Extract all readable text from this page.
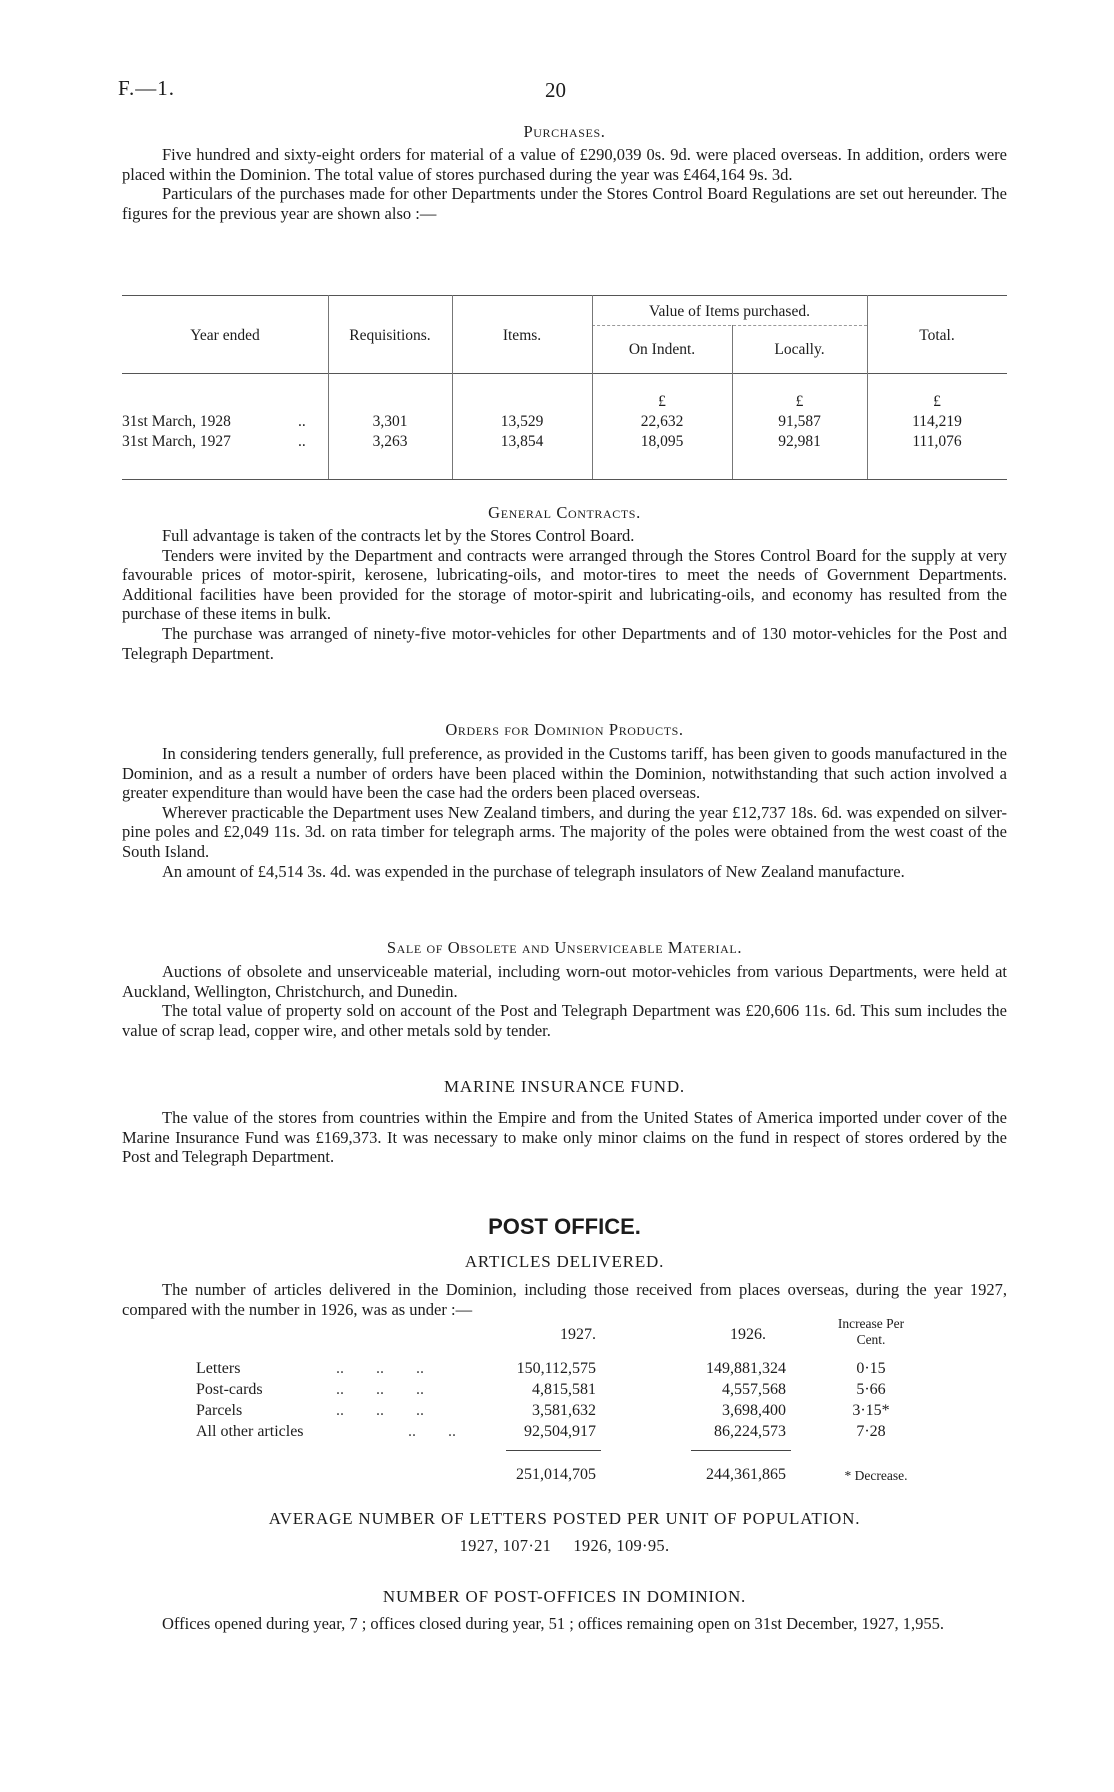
F.—1.	20
Purchases.

Five hundred and sixty-eight orders for material of a value of £290,039 0s. 9d. were placed overseas. In addition, orders were placed within the Dominion. The total value of stores purchased during the year was £464,164 9s. 3d.

Particulars of the purchases made for other Departments under the Stores Control Board Regulations are set out hereunder. The figures for the previous year are shown also :—

Year ended	Requisitions.	Items.
Value of Items purchased.
On Indent.	Locally.
Total.
£	£	£
31st March, 1928	..	3,301	13,529	22,632	91,587	114,219
31st March, 1927	..	3,263	13,854	18,095	92,981	111,076
General Contracts.

Full advantage is taken of the contracts let by the Stores Control Board.

Tenders were invited by the Department and contracts were arranged through the Stores Control Board for the supply at very favourable prices of motor-spirit, kerosene, lubricating-oils, and motor-tires to meet the needs of Government Departments. Additional facilities have been provided for the storage of motor-spirit and lubricating-oils, and economy has resulted from the purchase of these items in bulk.

The purchase was arranged of ninety-five motor-vehicles for other Departments and of 130 motor-vehicles for the Post and Telegraph Department.

Orders for Dominion Products.

In considering tenders generally, full preference, as provided in the Customs tariff, has been given to goods manufactured in the Dominion, and as a result a number of orders have been placed within the Dominion, notwithstanding that such action involved a greater expenditure than would have been the case had the orders been placed overseas.

Wherever practicable the Department uses New Zealand timbers, and during the year £12,737 18s. 6d. was expended on silver-pine poles and £2,049 11s. 3d. on rata timber for telegraph arms. The majority of the poles were obtained from the west coast of the South Island.

An amount of £4,514 3s. 4d. was expended in the purchase of telegraph insulators of New Zealand manufacture.

Sale of Obsolete and Unserviceable Material.

Auctions of obsolete and unserviceable material, including worn-out motor-vehicles from various Departments, were held at Auckland, Wellington, Christchurch, and Dunedin.

The total value of property sold on account of the Post and Telegraph Department was £20,606 11s. 6d. This sum includes the value of scrap lead, copper wire, and other metals sold by tender.

MARINE INSURANCE FUND.

The value of the stores from countries within the Empire and from the United States of America imported under cover of the Marine Insurance Fund was £169,373. It was necessary to make only minor claims on the fund in respect of stores ordered by the Post and Telegraph Department.

POST OFFICE.
ARTICLES DELIVERED.

The number of articles delivered in the Dominion, including those received from places overseas, during the year 1927, compared with the number in 1926, was as under :—

1927.	1926.
Increase Per Cent.
Letters	..        ..        ..	150,112,575	149,881,324	0·15
Post-cards	..        ..        ..	4,815,581	4,557,568	5·66
Parcels	..        ..        ..	3,581,632	3,698,400	3·15*
All other articles	..        ..	92,504,917	86,224,573	7·28
251,014,705	244,361,865	* Decrease.
AVERAGE NUMBER OF LETTERS POSTED PER UNIT OF POPULATION.
1927, 107·21     1926, 109·95.
NUMBER OF POST-OFFICES IN DOMINION.

Offices opened during year, 7 ; offices closed during year, 51 ; offices remaining open on 31st December, 1927, 1,955.
